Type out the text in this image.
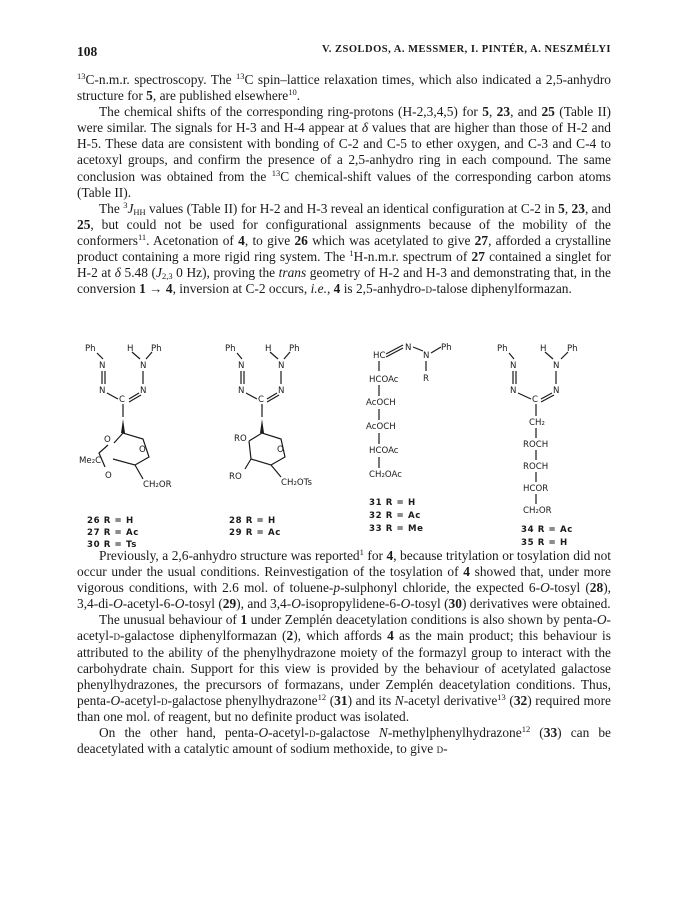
108	V. ZSOLDOS, A. MESSMER, I. PINTÉR, A. NESZMÉLYI

$^{13}$C-n.m.r. spectroscopy. The $^{13}$C spin–lattice relaxation times, which also indicated a 2,5-anhydro structure for 5, are published elsewhere$^{10}$.

The chemical shifts of the corresponding ring-protons (H-2,3,4,5) for 5, 23, and 25 (Table II) were similar. The signals for H-3 and H-4 appear at δ values that are higher than those of H-2 and H-5. These data are consistent with bonding of C-2 and C-5 to ether oxygen, and C-3 and C-4 to acetoxyl groups, and confirm the presence of a 2,5-anhydro ring in each compound. The same conclusion was obtained from the $^{13}$C chemical-shift values of the corresponding carbon atoms (Table II).

The $^3J_{HH}$ values (Table II) for H-2 and H-3 reveal an identical configuration at C-2 in 5, 23, and 25, but could not be used for configurational assignments because of the mobility of the conformers$^{11}$. Acetonation of 4, to give 26 which was acetylated to give 27, afforded a crystalline product containing a more rigid ring system. The $^1$H-n.m.r. spectrum of 27 contained a singlet for H-2 at δ 5.48 ($J_{2,3}$ 0 Hz), proving the trans geometry of H-2 and H-3 and demonstrating that, in the conversion 1 → 4, inversion at C-2 occurs, i.e., 4 is 2,5-anhydro-d-talose diphenylformazan.

Ph	H Ph
N	N
N	N
C
O
Me₂C
O
O
CH₂OR
26 R = H
27 R = Ac
30 R = Ts
Ph	H Ph
N	N
N	N
C
RO
O
RO
CH₂OTs
28 R = H
29 R = Ac
HC
N
N
Ph
R
HCOAc
AcOCH
AcOCH
HCOAc
CH₂OAc
31 R = H
32 R = Ac
33 R = Me
Ph	H Ph
N	N
N	N
C
CH₂
ROCH
ROCH
HCOR
CH₂OR
34 R = Ac
35 R = H

Previously, a 2,6-anhydro structure was reported$^1$ for 4, because tritylation or tosylation did not occur under the usual conditions. Reinvestigation of the tosylation of 4 showed that, under more vigorous conditions, with 2.6 mol. of toluene-p-sulphonyl chloride, the expected 6-O-tosyl (28), 3,4-di-O-acetyl-6-O-tosyl (29), and 3,4-O-isopropylidene-6-O-tosyl (30) derivatives were obtained.

The unusual behaviour of 1 under Zemplén deacetylation conditions is also shown by penta-O-acetyl-d-galactose diphenylformazan (2), which affords 4 as the main product; this behaviour is attributed to the ability of the phenylhydrazone moiety of the formazyl group to interact with the carbohydrate chain. Support for this view is provided by the behaviour of acetylated galactose phenylhydrazones, the precursors of formazans, under Zemplén deacetylation conditions. Thus, penta-O-acetyl-d-galactose phenylhydrazone$^{12}$ (31) and its N-acetyl derivative$^{13}$ (32) required more than one mol. of reagent, but no definite product was isolated.

On the other hand, penta-O-acetyl-d-galactose N-methylphenylhydrazone$^{12}$ (33) can be deacetylated with a catalytic amount of sodium methoxide, to give d-
